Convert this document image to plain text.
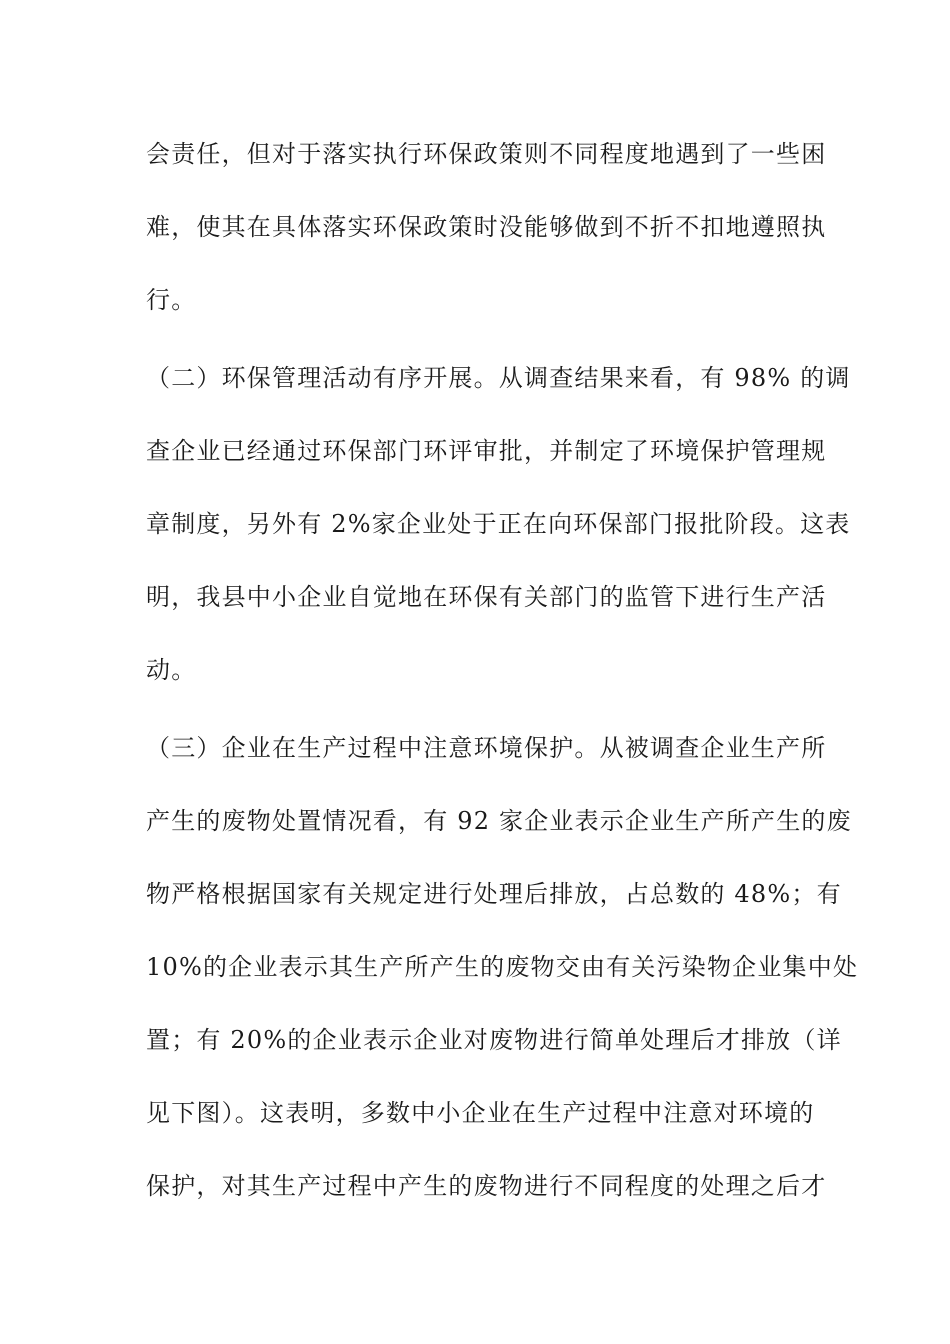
会责任，但对于落实执行环保政策则不同程度地遇到了一些困
难，使其在具体落实环保政策时没能够做到不折不扣地遵照执
行。
（二）环保管理活动有序开展。从调查结果来看，有 98% 的调
查企业已经通过环保部门环评审批，并制定了环境保护管理规
章制度，另外有 2%家企业处于正在向环保部门报批阶段。这表
明，我县中小企业自觉地在环保有关部门的监管下进行生产活
动。
（三）企业在生产过程中注意环境保护。从被调查企业生产所
产生的废物处置情况看，有 92 家企业表示企业生产所产生的废
物严格根据国家有关规定进行处理后排放，占总数的 48%；有
10%的企业表示其生产所产生的废物交由有关污染物企业集中处
置；有 20%的企业表示企业对废物进行简单处理后才排放（详
见下图）。这表明，多数中小企业在生产过程中注意对环境的
保护，对其生产过程中产生的废物进行不同程度的处理之后才
